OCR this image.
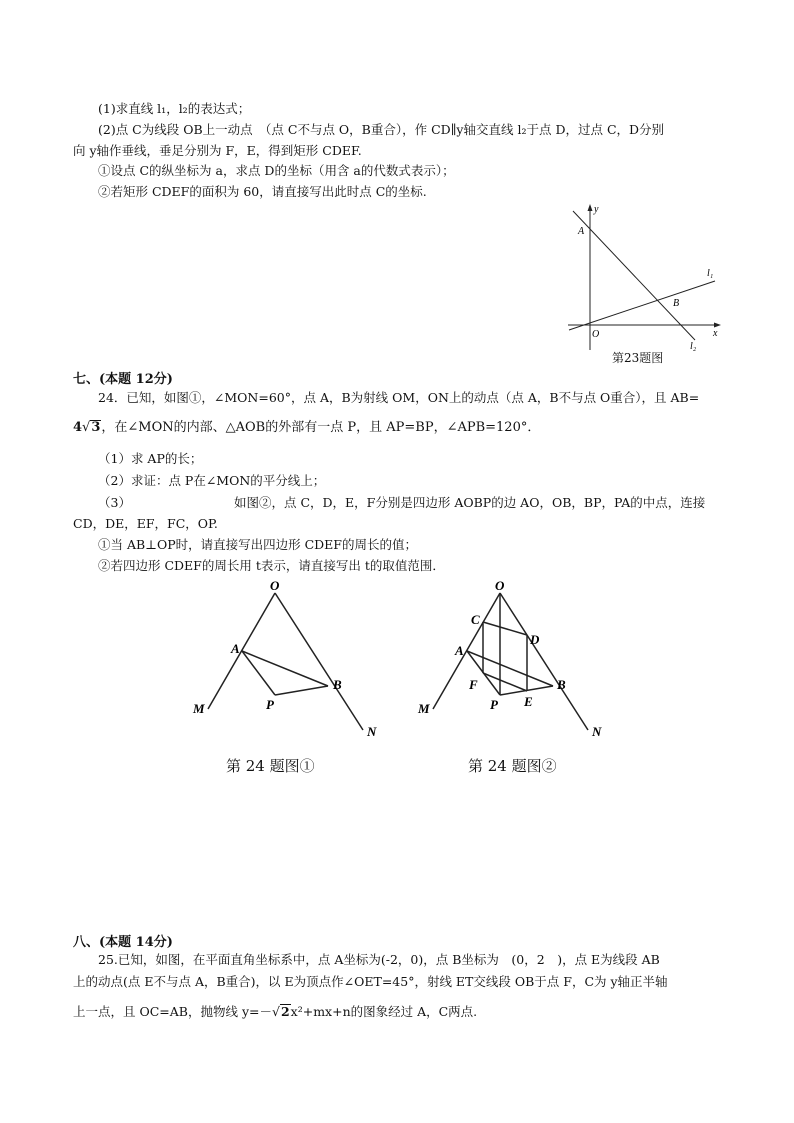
(1)求直线 l₁，l₂的表达式；
(2)点 C为线段 OB上一动点　（点 C不与点 O，B重合），作 CD∥y轴交直线 l₂于点 D，过点 C，D分别
向 y轴作垂线，垂足分别为 F，E，得到矩形 CDEF.
①设点 C的纵坐标为 a，求点 D的坐标（用含 a的代数式表示）；
②若矩形 CDEF的面积为 60，请直接写出此时点 C的坐标.
y
x
A
B
O
l₁
l₂
第23题图
七、(本题 12分)
24．已知，如图①，∠MON=60°，点 A，B为射线 OM，ON上的动点（点 A，B不与点 O重合），且 AB=
4√3，在∠MON的内部、△AOB的外部有一点 P，且 AP=BP，∠APB=120°．
（1）求 AP的长；
（2）求证：点 P在∠MON的平分线上；
（3）	如图②，点 C，D，E，F分别是四边形 AOBP的边 AO，OB，BP，PA的中点，连接
CD，DE，EF，FC，OP.
①当 AB⊥OP时，请直接写出四边形 CDEF的周长的值；
②若四边形 CDEF的周长用 t表示，请直接写出 t的取值范围．
O
A
B
P
M
N
第 24 题图①
O
C
D
A
B
F
P E
M
N
第 24 题图②
八、(本题 14分)
25.已知，如图，在平面直角坐标系中，点 A坐标为(-2，0)，点 B坐标为　(0，2　)，点 E为线段 AB
上的动点(点 E不与点 A，B重合)，以 E为顶点作∠OET=45°，射线 ET交线段 OB于点 F，C为 y轴正半轴
上一点，且 OC=AB，抛物线 y=－√2x²+mx+n的图象经过 A，C两点.
